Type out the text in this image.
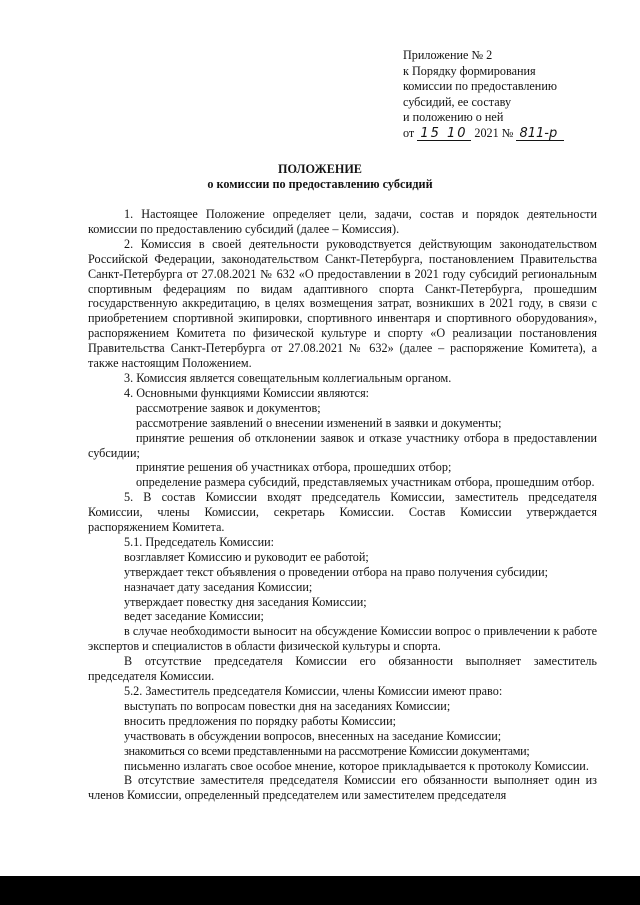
Приложение № 2
к Порядку формирования
комиссии по предоставлению
субсидий, ее составу
и положению о ней
от 15 10 2021 № 811-р
ПОЛОЖЕНИЕ
о комиссии по предоставлению субсидий

1. Настоящее Положение определяет цели, задачи, состав и порядок деятельности комиссии по предоставлению субсидий (далее – Комиссия).

2. Комиссия в своей деятельности руководствуется действующим законодательством Российской Федерации, законодательством Санкт-Петербурга, постановлением Правительства Санкт-Петербурга от 27.08.2021 № 632 «О предоставлении в 2021 году субсидий региональным спортивным федерациям по видам адаптивного спорта Санкт-Петербурга, прошедшим государственную аккредитацию, в целях возмещения затрат, возникших в 2021 году, в связи с приобретением спортивной экипировки, спортивного инвентаря и спортивного оборудования», распоряжением Комитета по физической культуре и спорту «О реализации постановления Правительства Санкт-Петербурга от 27.08.2021 № 632» (далее – распоряжение Комитета), а также настоящим Положением.

3. Комиссия является совещательным коллегиальным органом.

4. Основными функциями Комиссии являются:

рассмотрение заявок и документов;

рассмотрение заявлений о внесении изменений в заявки и документы;

принятие решения об отклонении заявок и отказе участнику отбора в предоставлении субсидии;

принятие решения об участниках отбора, прошедших отбор;

определение размера субсидий, представляемых участникам отбора, прошедшим отбор.

5. В состав Комиссии входят председатель Комиссии, заместитель председателя Комиссии, члены Комиссии, секретарь Комиссии. Состав Комиссии утверждается распоряжением Комитета.

5.1. Председатель Комиссии:

возглавляет Комиссию и руководит ее работой;

утверждает текст объявления о проведении отбора на право получения субсидии;

назначает дату заседания Комиссии;

утверждает повестку дня заседания Комиссии;

ведет заседание Комиссии;

в случае необходимости выносит на обсуждение Комиссии вопрос о привлечении к работе экспертов и специалистов в области физической культуры и спорта.

В отсутствие председателя Комиссии его обязанности выполняет заместитель председателя Комиссии.

5.2. Заместитель председателя Комиссии, члены Комиссии имеют право:

выступать по вопросам повестки дня на заседаниях Комиссии;

вносить предложения по порядку работы Комиссии;

участвовать в обсуждении вопросов, внесенных на заседание Комиссии;

знакомиться со всеми представленными на рассмотрение Комиссии документами;

письменно излагать свое особое мнение, которое прикладывается к протоколу Комиссии.

В отсутствие заместителя председателя Комиссии его обязанности выполняет один из членов Комиссии, определенный председателем или заместителем председателя
